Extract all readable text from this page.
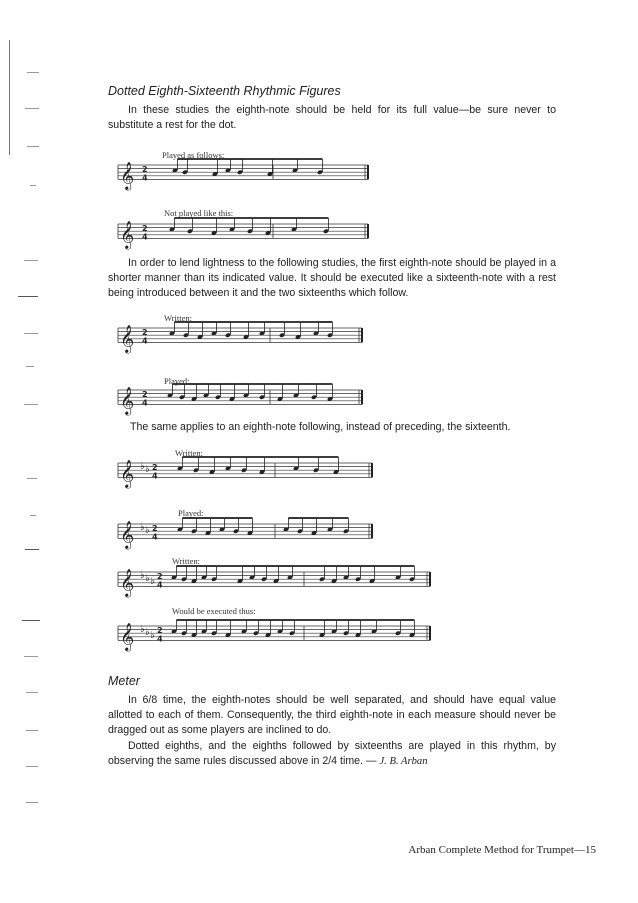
Dotted Eighth-Sixteenth Rhythmic Figures
In these studies the eighth-note should be held for its full value—be sure never to substitute a rest for the dot.
𝄞 2
4
𝄞 2
4
𝄞 2
4
𝄞 2
4
𝄞 ♭ ♭ 2
4
𝄞 ♭ ♭ 2
4
𝄞 ♭ ♭ ♭ 2
4
𝄞 ♭ ♭ ♭ 2
4
Played as follows:
Not played like this:
Written:
Played:
Written:
Played:
Written:
Would be executed thus:
In order to lend lightness to the following studies, the first eighth-note should be played in a shorter manner than its indicated value. It should be executed like a sixteenth-note with a rest being introduced between it and the two sixteenths which follow.
The same applies to an eighth-note following, instead of preceding, the sixteenth.
Meter
In 6/8 time, the eighth-notes should be well separated, and should have equal value allotted to each of them. Consequently, the third eighth-note in each measure should never be dragged out as some players are inclined to do.
Dotted eighths, and the eighths followed by sixteenths are played in this rhythm, by observing the same rules discussed above in 2/4 time. — J. B. Arban
Arban Complete Method for Trumpet—15
